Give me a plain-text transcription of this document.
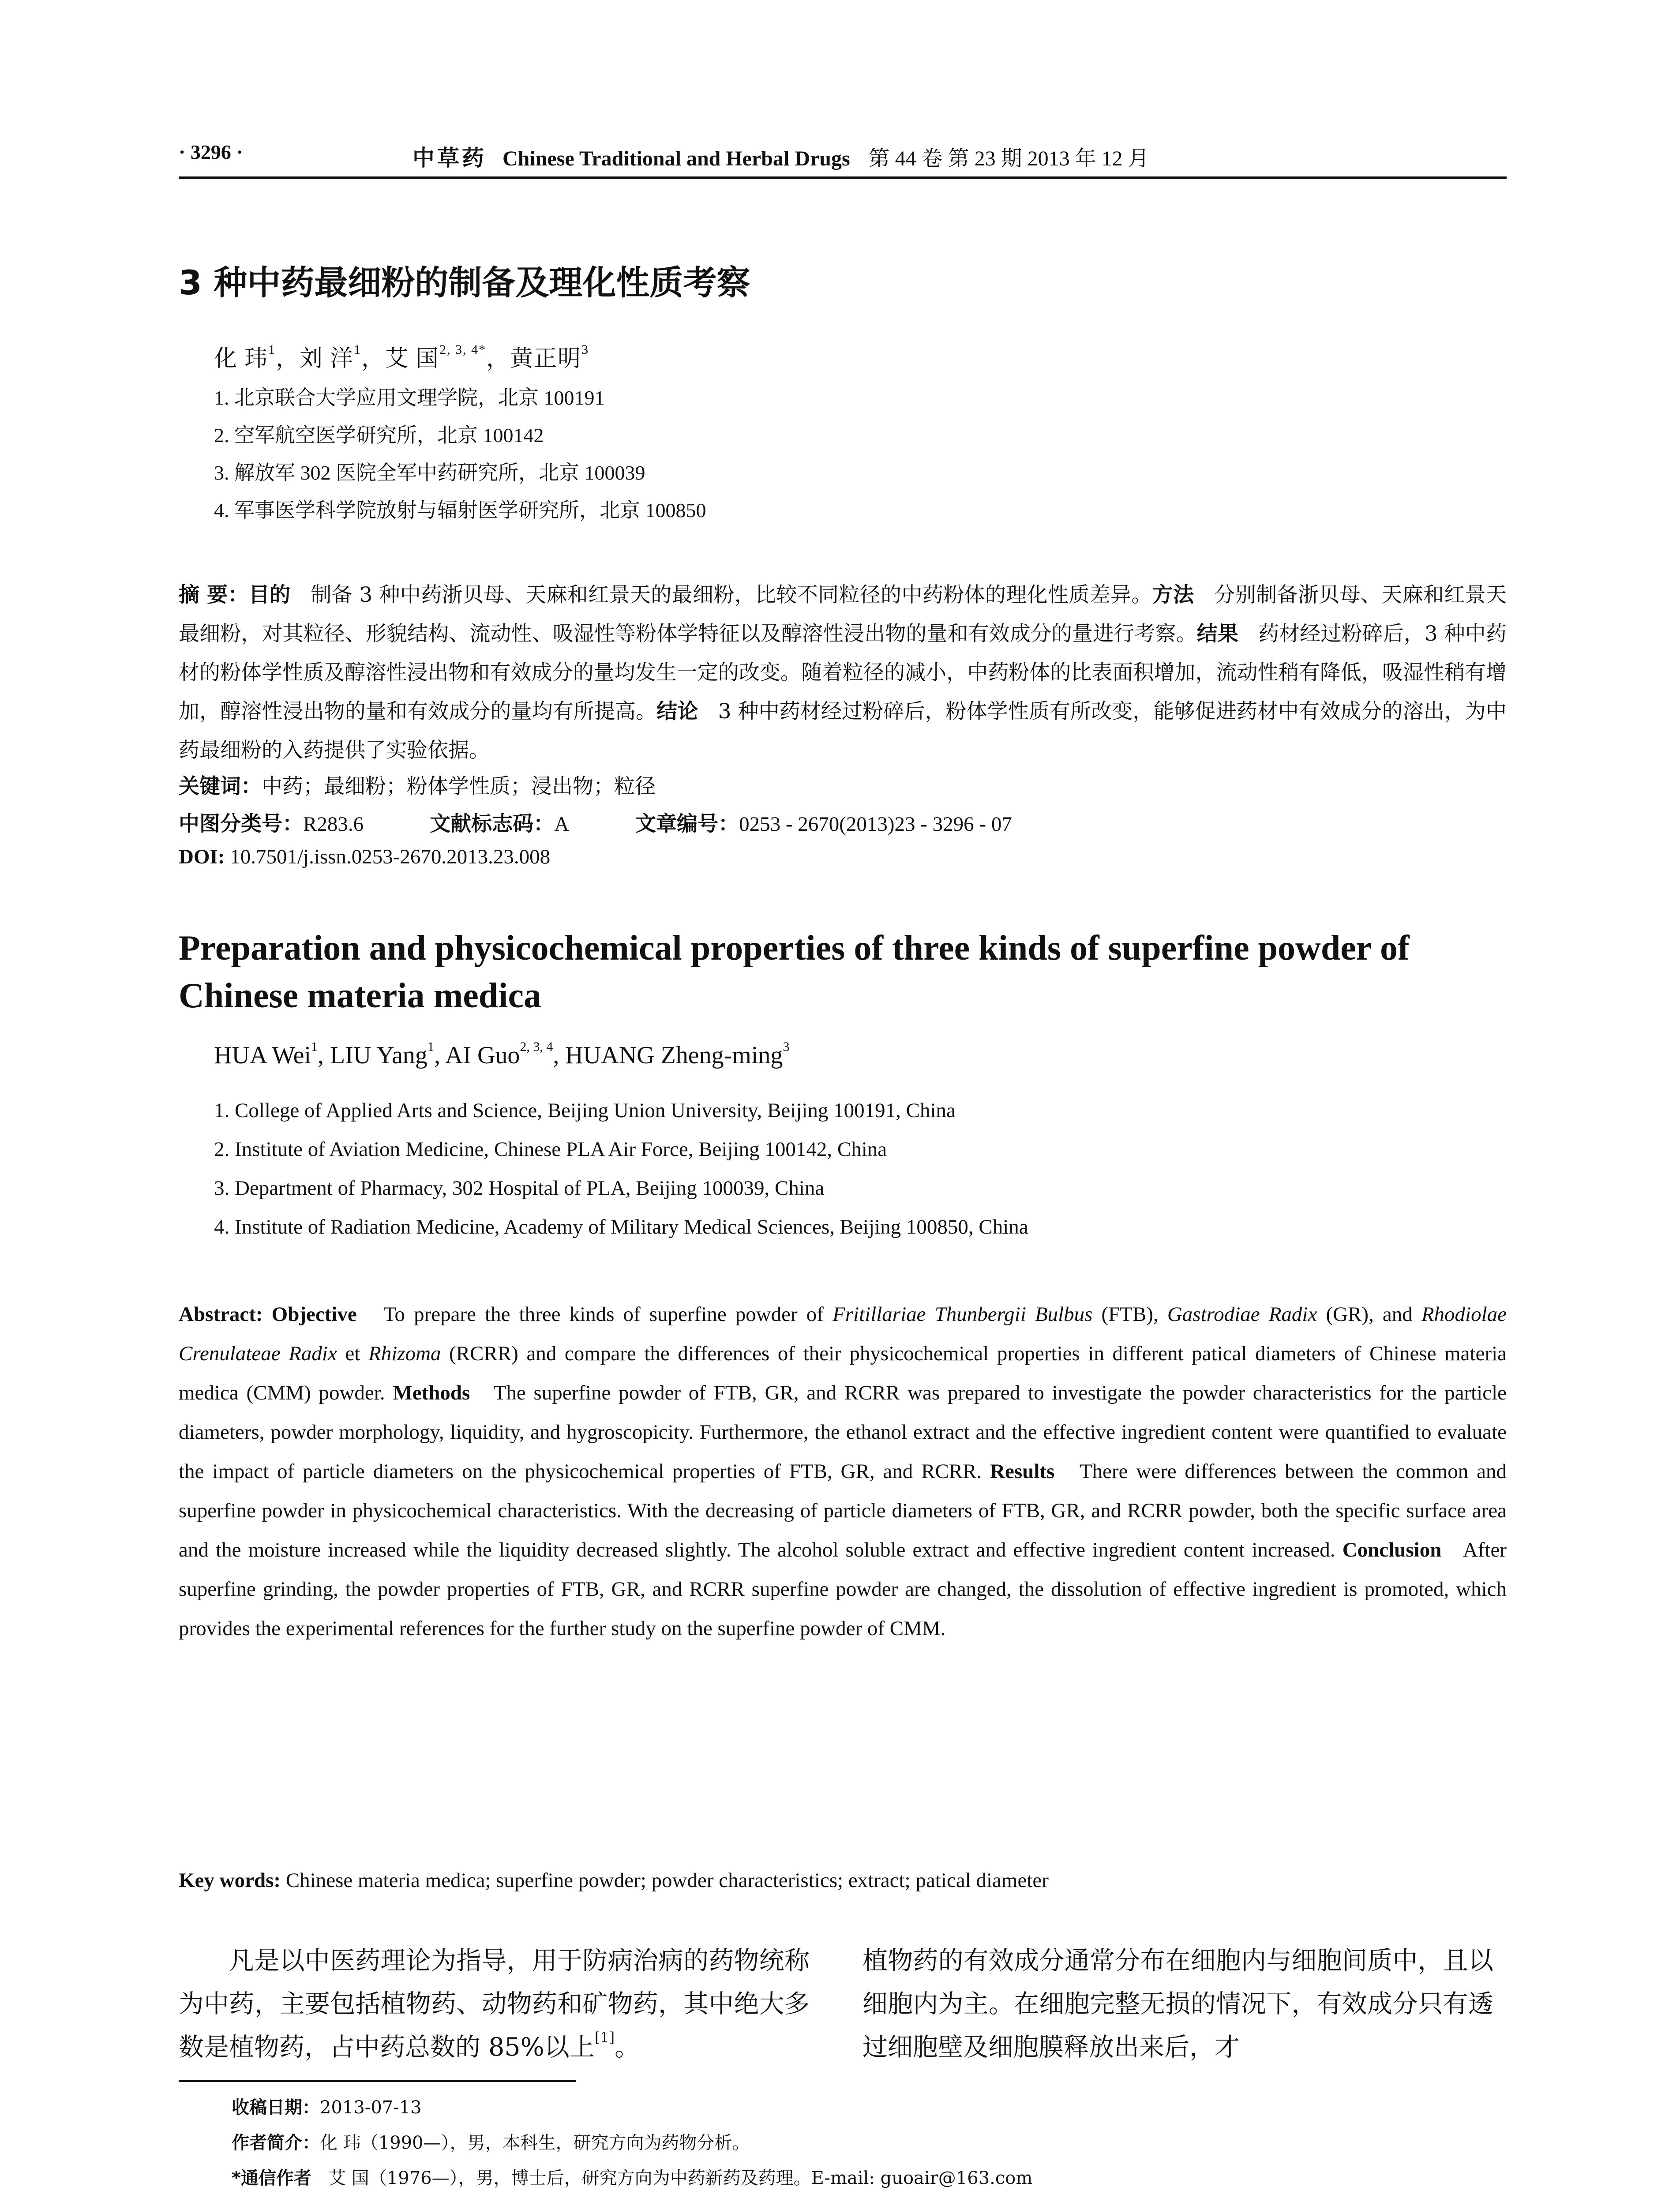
· 3296 ·	中草药 Chinese Traditional and Herbal Drugs 第 44 卷 第 23 期 2013 年 12 月
3 种中药最细粉的制备及理化性质考察
化 玮$^1$，刘 洋$^1$，艾 国$^{2, 3, 4*}$，黄正明$^3$
1. 北京联合大学应用文理学院，北京 100191
2. 空军航空医学研究所，北京 100142
3. 解放军 302 医院全军中药研究所，北京 100039
4. 军事医学科学院放射与辐射医学研究所，北京 100850
摘 要：目的 制备 3 种中药浙贝母、天麻和红景天的最细粉，比较不同粒径的中药粉体的理化性质差异。方法 分别制备浙贝母、天麻和红景天最细粉，对其粒径、形貌结构、流动性、吸湿性等粉体学特征以及醇溶性浸出物的量和有效成分的量进行考察。结果 药材经过粉碎后，3 种中药材的粉体学性质及醇溶性浸出物和有效成分的量均发生一定的改变。随着粒径的减小，中药粉体的比表面积增加，流动性稍有降低，吸湿性稍有增加，醇溶性浸出物的量和有效成分的量均有所提高。结论 3 种中药材经过粉碎后，粉体学性质有所改变，能够促进药材中有效成分的溶出，为中药最细粉的入药提供了实验依据。
关键词：中药；最细粉；粉体学性质；浸出物；粒径
中图分类号：R283.6	文献标志码：A	文章编号：0253 - 2670(2013)23 - 3296 - 07
DOI: 10.7501/j.issn.0253-2670.2013.23.008
Preparation and physicochemical properties of three kinds of superfine powder of Chinese materia medica
HUA Wei$^1$, LIU Yang$^1$, AI Guo$^{2, 3, 4}$, HUANG Zheng-ming$^3$
1. College of Applied Arts and Science, Beijing Union University, Beijing 100191, China
2. Institute of Aviation Medicine, Chinese PLA Air Force, Beijing 100142, China
3. Department of Pharmacy, 302 Hospital of PLA, Beijing 100039, China
4. Institute of Radiation Medicine, Academy of Military Medical Sciences, Beijing 100850, China
Abstract: Objective To prepare the three kinds of superfine powder of Fritillariae Thunbergii Bulbus (FTB), Gastrodiae Radix (GR), and Rhodiolae Crenulateae Radix et Rhizoma (RCRR) and compare the differences of their physicochemical properties in different patical diameters of Chinese materia medica (CMM) powder. Methods The superfine powder of FTB, GR, and RCRR was prepared to investigate the powder characteristics for the particle diameters, powder morphology, liquidity, and hygroscopicity. Furthermore, the ethanol extract and the effective ingredient content were quantified to evaluate the impact of particle diameters on the physicochemical properties of FTB, GR, and RCRR. Results There were differences between the common and superfine powder in physicochemical characteristics. With the decreasing of particle diameters of FTB, GR, and RCRR powder, both the specific surface area and the moisture increased while the liquidity decreased slightly. The alcohol soluble extract and effective ingredient content increased. Conclusion After superfine grinding, the powder properties of FTB, GR, and RCRR superfine powder are changed, the dissolution of effective ingredient is promoted, which provides the experimental references for the further study on the superfine powder of CMM.
Key words: Chinese materia medica; superfine powder; powder characteristics; extract; patical diameter
凡是以中医药理论为指导，用于防病治病的药物统称为中药，主要包括植物药、动物药和矿物药，其中绝大多数是植物药，占中药总数的 85%以上[1]。
植物药的有效成分通常分布在细胞内与细胞间质中，且以细胞内为主。在细胞完整无损的情况下，有效成分只有透过细胞壁及细胞膜释放出来后，才
收稿日期：2013-07-13
作者简介：化 玮（1990—），男，本科生，研究方向为药物分析。
*通信作者 艾 国（1976—），男，博士后，研究方向为中药新药及药理。E-mail: guoair@163.com
